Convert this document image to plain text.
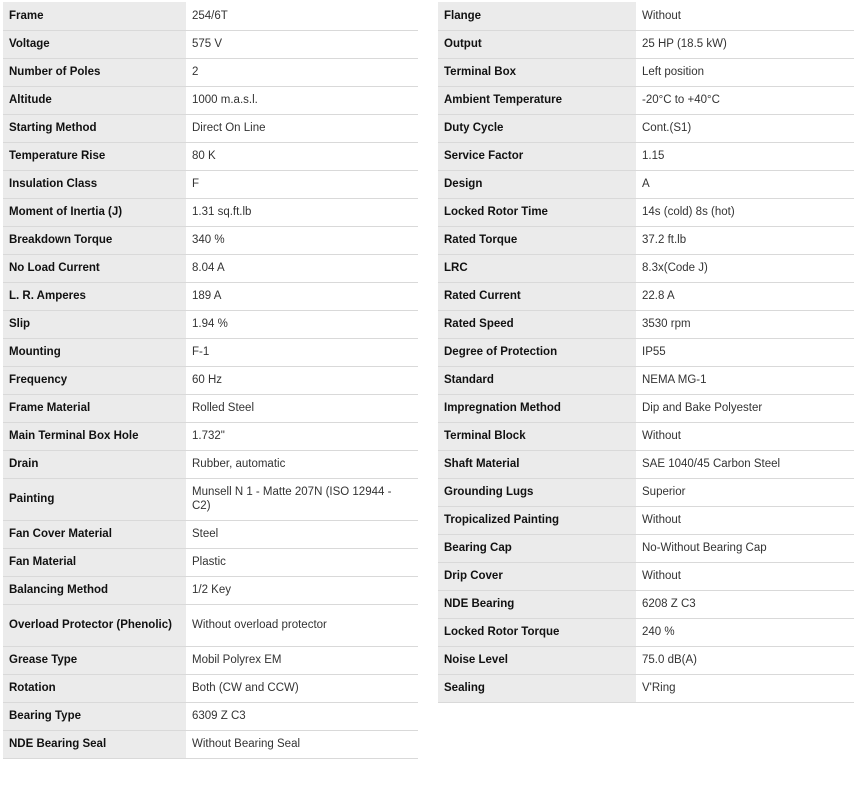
Frame	254/6T
Voltage	575 V
Number of Poles	2
Altitude	1000 m.a.s.l.
Starting Method	Direct On Line
Temperature Rise	80 K
Insulation Class	F
Moment of Inertia (J)	1.31 sq.ft.lb
Breakdown Torque	340 %
No Load Current	8.04 A
L. R. Amperes	189 A
Slip	1.94 %
Mounting	F-1
Frequency	60 Hz
Frame Material	Rolled Steel
Main Terminal Box Hole	1.732"
Drain	Rubber, automatic
Painting	Munsell N 1 - Matte 207N (ISO 12944 - C2)
Fan Cover Material	Steel
Fan Material	Plastic
Balancing Method	1/2 Key
Overload Protector (Phenolic)	Without overload protector
Grease Type	Mobil Polyrex EM
Rotation	Both (CW and CCW)
Bearing Type	6309 Z C3
NDE Bearing Seal	Without Bearing Seal
Flange	Without
Output	25 HP (18.5 kW)
Terminal Box	Left position
Ambient Temperature	-20°C to +40°C
Duty Cycle	Cont.(S1)
Service Factor	1.15
Design	A
Locked Rotor Time	14s (cold) 8s (hot)
Rated Torque	37.2 ft.lb
LRC	8.3x(Code J)
Rated Current	22.8 A
Rated Speed	3530 rpm
Degree of Protection	IP55
Standard	NEMA MG-1
Impregnation Method	Dip and Bake Polyester
Terminal Block	Without
Shaft Material	SAE 1040/45 Carbon Steel
Grounding Lugs	Superior
Tropicalized Painting	Without
Bearing Cap	No-Without Bearing Cap
Drip Cover	Without
NDE Bearing	6208 Z C3
Locked Rotor Torque	240 %
Noise Level	75.0 dB(A)
Sealing	V'Ring
